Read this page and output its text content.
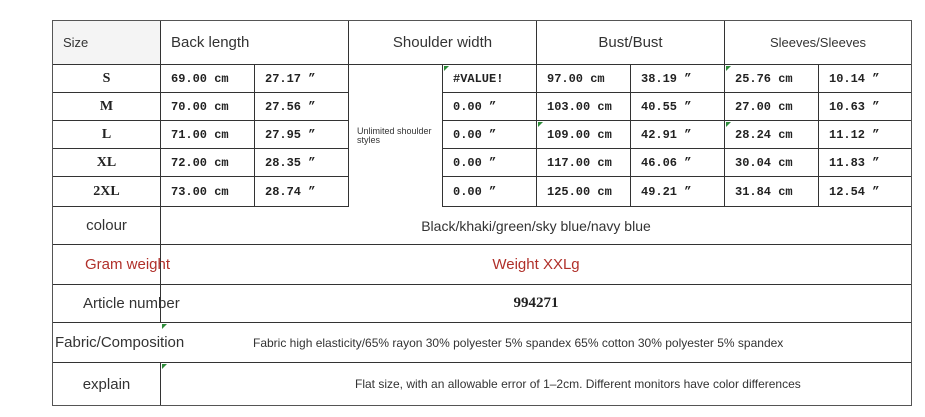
Size	Back length	Shoulder width	Bust/Bust	Sleeves/Sleeves
S	69.00 cm	27.17 ”	#VALUE!	97.00 cm	38.19 ”	25.76 cm	10.14 ”
M	70.00 cm	27.56 ”	0.00 ”	103.00 cm	40.55 ”	27.00 cm	10.63 ”
L	71.00 cm	27.95 ”	0.00 ”	109.00 cm	42.91 ”	28.24 cm	11.12 ”
XL	72.00 cm	28.35 ”	0.00 ”	117.00 cm	46.06 ”	30.04 cm	11.83 ”
2XL	73.00 cm	28.74 ”	0.00 ”	125.00 cm	49.21 ”	31.84 cm	12.54 ”
Unlimited shoulder styles
colour	Black/khaki/green/sky blue/navy blue
Gram weight	Weight XXLg
Article number	994271
Fabric/Composition	Fabric high elasticity/65% rayon 30% polyester 5% spandex 65% cotton 30% polyester 5% spandex
explain	Flat size, with an allowable error of 1–2cm. Different monitors have color differences
